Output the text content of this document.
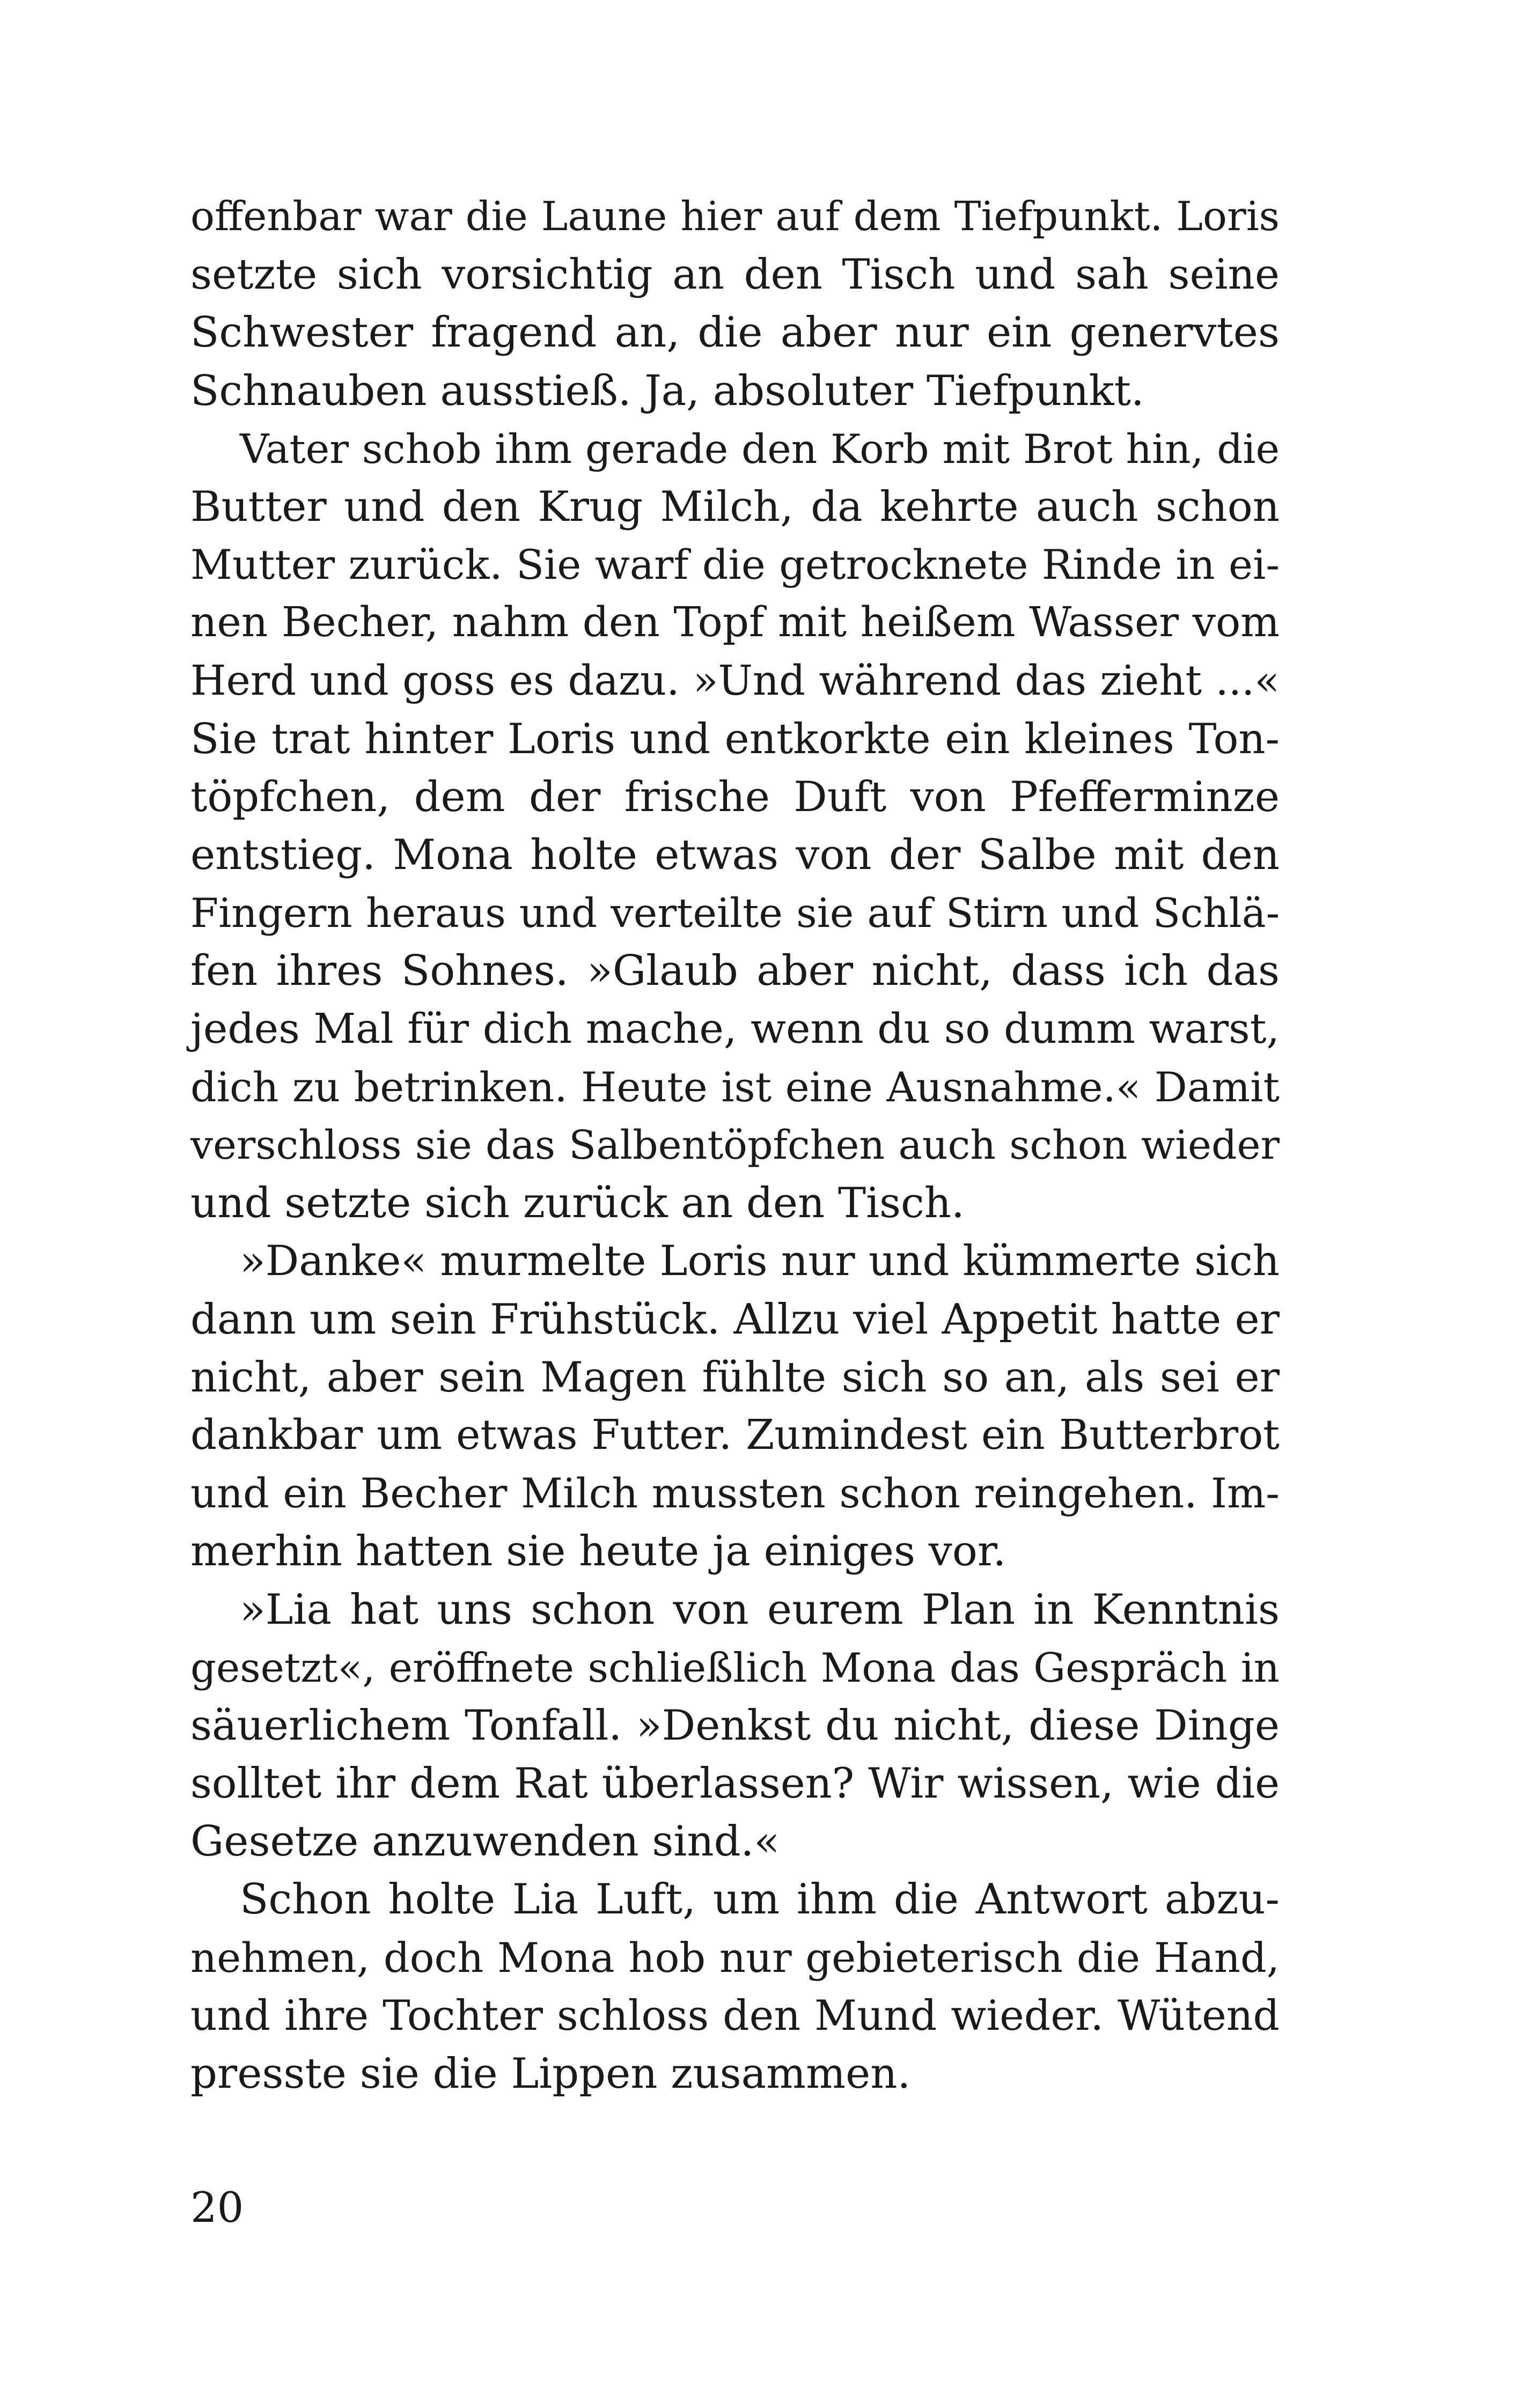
offenbar war die Laune hier auf dem Tiefpunkt. Loris
setzte sich vorsichtig an den Tisch und sah seine
Schwester fragend an, die aber nur ein genervtes
Schnauben ausstieß. Ja, absoluter Tiefpunkt.
Vater schob ihm gerade den Korb mit Brot hin, die
Butter und den Krug Milch, da kehrte auch schon
Mutter zurück. Sie warf die getrocknete Rinde in ei-
nen Becher, nahm den Topf mit heißem Wasser vom
Herd und goss es dazu. »Und während das zieht ...«
Sie trat hinter Loris und entkorkte ein kleines Ton-
töpfchen, dem der frische Duft von Pfefferminze
entstieg. Mona holte etwas von der Salbe mit den
Fingern heraus und verteilte sie auf Stirn und Schlä-
fen ihres Sohnes. »Glaub aber nicht, dass ich das
jedes Mal für dich mache, wenn du so dumm warst,
dich zu betrinken. Heute ist eine Ausnahme.« Damit
verschloss sie das Salbentöpfchen auch schon wieder
und setzte sich zurück an den Tisch.
»Danke« murmelte Loris nur und kümmerte sich
dann um sein Frühstück. Allzu viel Appetit hatte er
nicht, aber sein Magen fühlte sich so an, als sei er
dankbar um etwas Futter. Zumindest ein Butterbrot
und ein Becher Milch mussten schon reingehen. Im-
merhin hatten sie heute ja einiges vor.
»Lia hat uns schon von eurem Plan in Kenntnis
gesetzt«, eröffnete schließlich Mona das Gespräch in
säuerlichem Tonfall. »Denkst du nicht, diese Dinge
solltet ihr dem Rat überlassen? Wir wissen, wie die
Gesetze anzuwenden sind.«
Schon holte Lia Luft, um ihm die Antwort abzu-
nehmen, doch Mona hob nur gebieterisch die Hand,
und ihre Tochter schloss den Mund wieder. Wütend
presste sie die Lippen zusammen.
20
